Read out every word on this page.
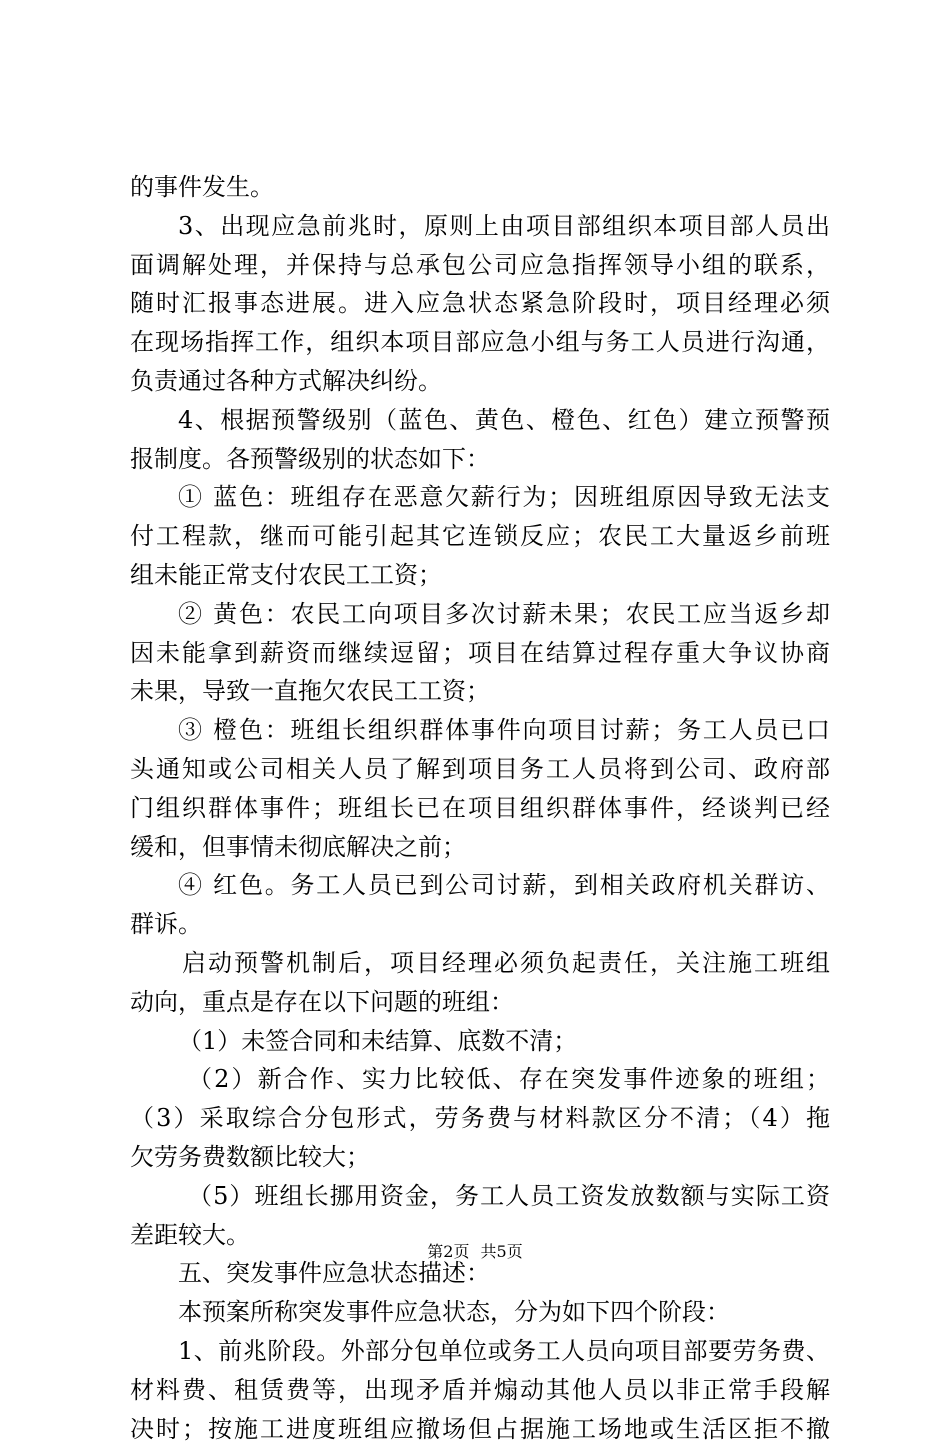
的事件发生。
3、出现应急前兆时，原则上由项目部组织本项目部人员出
面调解处理，并保持与总承包公司应急指挥领导小组的联系，
随时汇报事态进展。进入应急状态紧急阶段时，项目经理必须
在现场指挥工作，组织本项目部应急小组与务工人员进行沟通，
负责通过各种方式解决纠纷。
4、根据预警级别（蓝色、黄色、橙色、红色）建立预警预
报制度。各预警级别的状态如下：
① 蓝色：班组存在恶意欠薪行为；因班组原因导致无法支
付工程款，继而可能引起其它连锁反应；农民工大量返乡前班
组未能正常支付农民工工资；
② 黄色：农民工向项目多次讨薪未果；农民工应当返乡却
因未能拿到薪资而继续逗留；项目在结算过程存重大争议协商
未果，导致一直拖欠农民工工资；
③ 橙色：班组长组织群体事件向项目讨薪；务工人员已口
头通知或公司相关人员了解到项目务工人员将到公司、政府部
门组织群体事件；班组长已在项目组织群体事件，经谈判已经
缓和，但事情未彻底解决之前；
④ 红色。务工人员已到公司讨薪，到相关政府机关群访、
群诉。
启动预警机制后，项目经理必须负起责任，关注施工班组
动向，重点是存在以下问题的班组：
（1）未签合同和未结算、底数不清；
（2）新合作、实力比较低、存在突发事件迹象的班组；
（3）采取综合分包形式，劳务费与材料款区分不清；（4）拖
欠劳务费数额比较大；
（5）班组长挪用资金，务工人员工资发放数额与实际工资
差距较大。
五、突发事件应急状态描述：
本预案所称突发事件应急状态，分为如下四个阶段：
1、前兆阶段。外部分包单位或务工人员向项目部要劳务费、
材料费、租赁费等，出现矛盾并煽动其他人员以非正常手段解
决时；按施工进度班组应撤场但占据施工场地或生活区拒不撤
第2页 共5页
